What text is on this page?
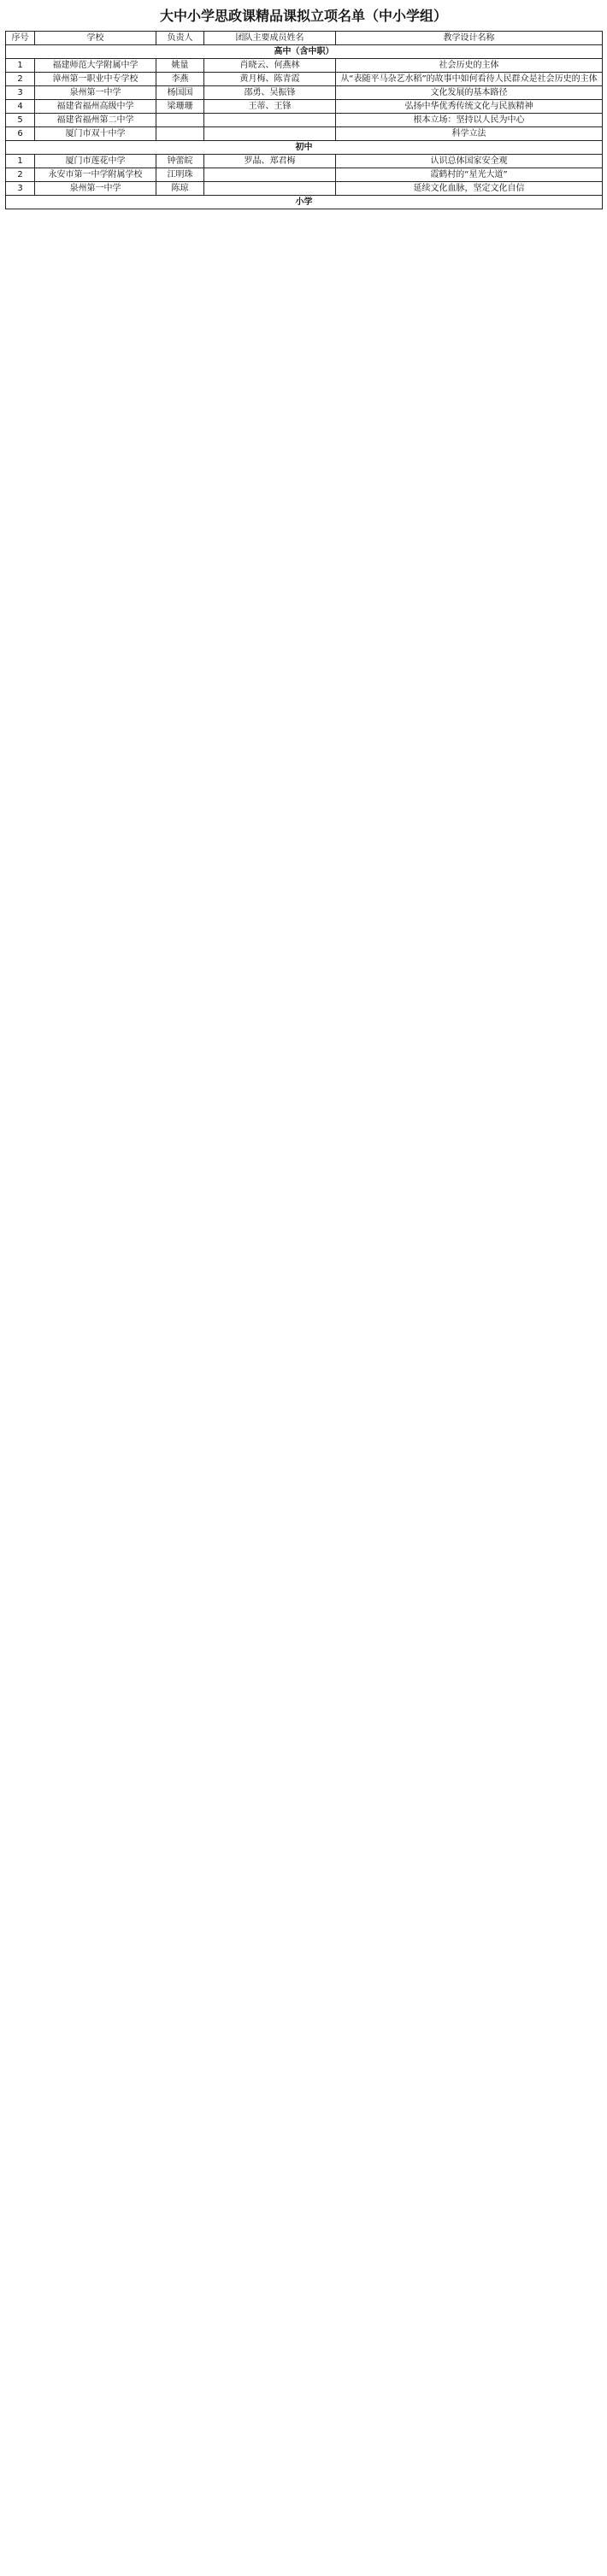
大中小学思政课精品课拟立项名单（中小学组）
序号	学校	负责人	团队主要成员姓名	教学设计名称
高中（含中职）				
1	福建师范大学附属中学	姚量	肖晓云、何燕林	社会历史的主体
2	漳州第一职业中专学校	李燕	黄月梅、陈青霞	从“表随平马杂艺水稻”的故事中如何看待人民群众是社会历史的主体
3	泉州第一中学	杨国国	邵勇、吴振锋	文化发展的基本路径
4	福建省福州高级中学	梁珊珊	王蒂、王锋	弘扬中华优秀传统文化与民族精神
5	福建省福州第二中学			根本立场：坚持以人民为中心
6	厦门市双十中学			科学立法
初中				
1	厦门市莲花中学	钟蕾皖	罗晶、郑君梅	认识总体国家安全观
2	永安市第一中学附属学校	江明珠		霞鹤村的“星光大道”
3	泉州第一中学	陈琼		延续文化血脉，坚定文化自信
小学				
